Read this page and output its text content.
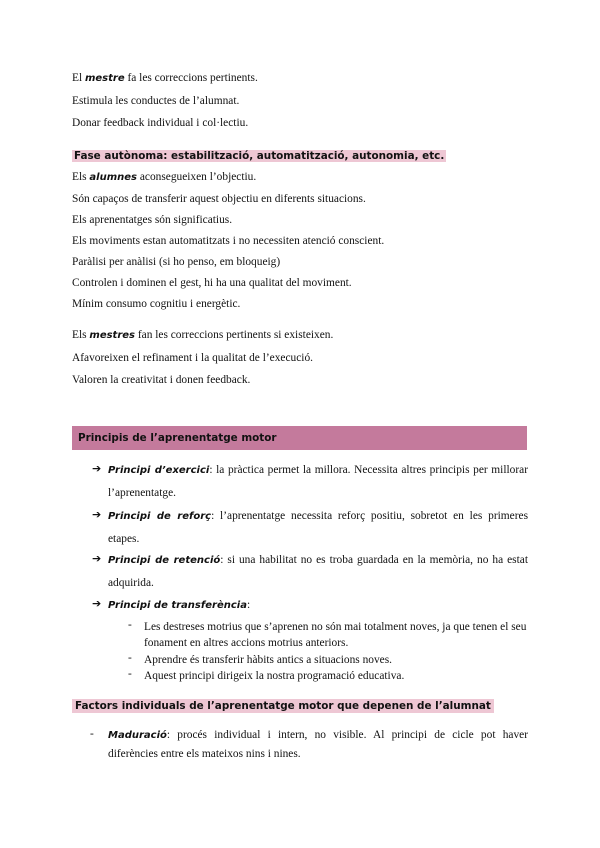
El mestre fa les correccions pertinents.
Estimula les conductes de l’alumnat.
Donar feedback individual i col·lectiu.
Fase autònoma: estabilització, automatització, autonomia, etc.
Els alumnes aconsegueixen l’objectiu.
Són capaços de transferir aquest objectiu en diferents situacions.
Els aprenentatges són significatius.
Els moviments estan automatitzats i no necessiten atenció conscient.
Paràlisi per anàlisi (si ho penso, em bloqueig)
Controlen i dominen el gest, hi ha una qualitat del moviment.
Mínim consumo cognitiu i energètic.
Els mestres fan les correccions pertinents si existeixen.
Afavoreixen el refinament i la qualitat de l’execució.
Valoren la creativitat i donen feedback.
Principis de l’aprenentatge motor
➔ Principi d’exercici: la pràctica permet la millora. Necessita altres principis per millorar l’aprenentatge.
➔ Principi de reforç: l’aprenentatge necessita reforç positiu, sobretot en les primeres etapes.
➔ Principi de retenció: si una habilitat no es troba guardada en la memòria, no ha estat adquirida.
➔ Principi de transferència:
- Les destreses motrius que s’aprenen no són mai totalment noves, ja que tenen el seu fonament en altres accions motrius anteriors.
- Aprendre és transferir hàbits antics a situacions noves.
- Aquest principi dirigeix la nostra programació educativa.
Factors individuals de l’aprenentatge motor que depenen de l’alumnat
- Maduració: procés individual i intern, no visible. Al principi de cicle pot haver diferències entre els mateixos nins i nines.
